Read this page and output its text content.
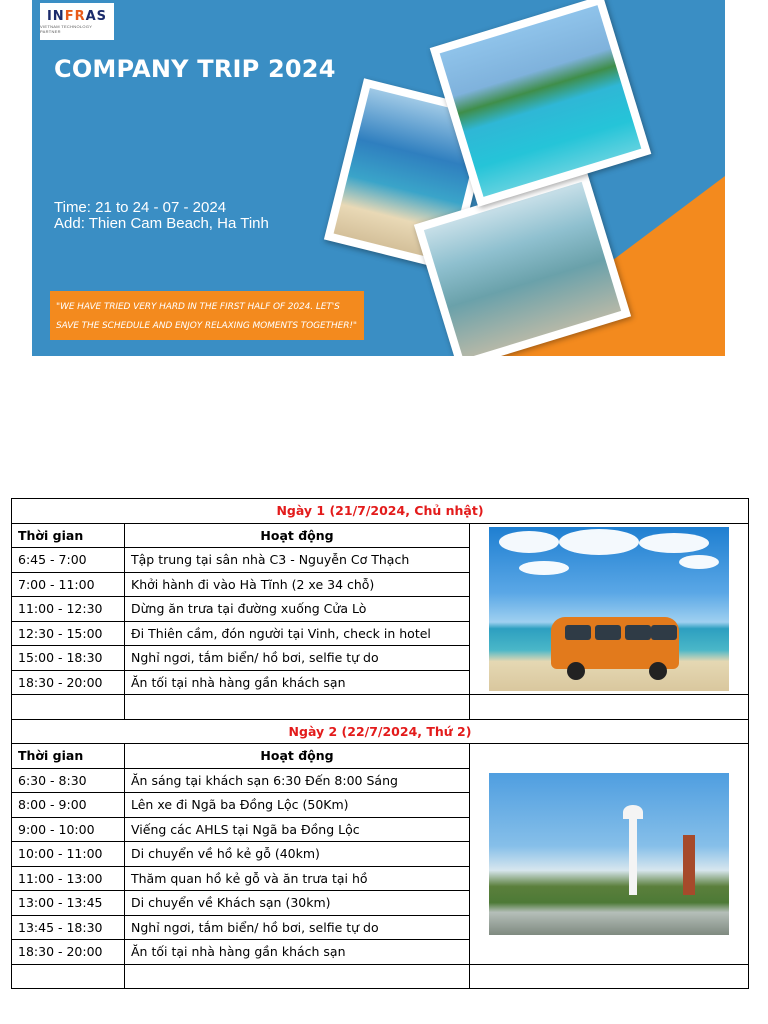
INFRAS
VIETNAM TECHNOLOGY PARTNER
COMPANY TRIP 2024
Time: 21 to 24 - 07 - 2024
Add: Thien Cam Beach, Ha Tinh
"WE HAVE TRIED VERY HARD IN THE FIRST HALF OF 2024. LET'S SAVE THE SCHEDULE AND ENJOY RELAXING MOMENTS TOGETHER!"
Ngày 1 (21/7/2024, Chủ nhật)		
Thời gian	Hoạt động	

6:45 - 7:00	Tập trung tại sân nhà C3 - Nguyễn Cơ Thạch	
7:00 - 11:00	Khởi hành đi vào Hà Tĩnh (2 xe 34 chỗ)	
11:00 - 12:30	Dừng ăn trưa tại đường xuống Cửa Lò	
12:30 - 15:00	Đi Thiên cầm, đón người tại Vinh, check in hotel	
15:00 - 18:30	Nghỉ ngơi, tắm biển/ hồ bơi, selfie tự do	
18:30 - 20:00	Ăn tối tại nhà hàng gần khách sạn	

Ngày 2 (22/7/2024, Thứ 2)		
Thời gian	Hoạt động	

6:30 - 8:30	Ăn sáng tại khách sạn 6:30 Đến 8:00 Sáng	
8:00 - 9:00	Lên xe đi Ngã ba Đồng Lộc (50Km)	
9:00 - 10:00	Viếng các AHLS tại Ngã ba Đồng Lộc	
10:00 - 11:00	Di chuyển về hồ kẻ gỗ (40km)	
11:00 - 13:00	Thăm quan hồ kẻ gỗ và ăn trưa tại hồ	
13:00 - 13:45	Di chuyển về Khách sạn (30km)	
13:45 - 18:30	Nghỉ ngơi, tắm biển/ hồ bơi, selfie tự do	
18:30 - 20:00	Ăn tối tại nhà hàng gần khách sạn	
